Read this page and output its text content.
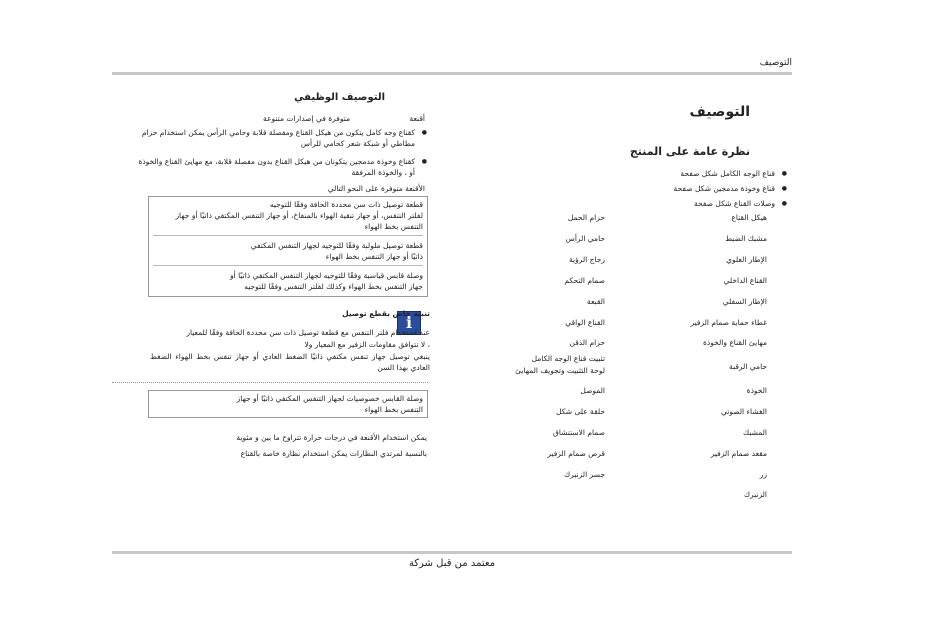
التوصيف
التوصيف
نظرة عامة على المنتج
● قناع الوجه الكامل شكل صفحة
● قناع وخوذة مدمجين شكل صفحة
● وصلات القناع شكل صفحة
هيكل القناع
مشبك الضبط
الإطار العلوي
القناع الداخلي
الإطار السفلي
غطاء حماية صمام الزفير
مهايئ القناع والخوذة
حامي الرقبة
الخوذة
الغشاء الصوتي
المشبك
مقعد صمام الزفير
زر
الزنبرك
حزام الحمل
حامي الرأس
زجاج الرؤية
صمام التحكم
القبعة
القناع الواقي
حزام الذقن
تثبيت قناع الوجه الكامل
لوحة التثبيت وتجويف المهايئ
الموصل
حلقة على شكل
صمام الاستنشاق
قرص صمام الزفير
جسر الزنبرك
التوصيف الوظيفي
أقنعة
متوفرة في إصدارات متنوعة
● كقناع وجه كامل يتكون من هيكل القناع ومفصلة قلابة وحامي الرأس يمكن استخدام حزام مطاطي أو شبكة شعر كحامي للرأس
● كقناع وخوذة مدمجين يتكونان من هيكل القناع بدون مفصلة قلابة، مع مهايئ القناع والخوذة أو ، والخوذة المرفقة
الأقنعة متوفرة على النحو التالي
قطعة توصيل ذات سن محددة الحافة وفقًا للتوجيه
لفلتر التنفس، أو جهاز تنقية الهواء بالمنفاخ، أو جهاز التنفس المكتفي ذاتيًا أو جهاز التنفس بخط الهواء
قطعة توصيل ملولبة وفقًا للتوجيه لجهاز التنفس المكتفي
ذاتيًا أو جهاز التنفس بخط الهواء
وصلة قابس قياسية وفقًا للتوجيه لجهاز التنفس المكتفي ذاتيًا أو
جهاز التنفس بخط الهواء وكذلك لفلتر التنفس وفقًا للتوجيه
i
تنبيه خاص بقطع توصيل
عند استخدام فلتر التنفس مع قطعة توصيل ذات سن محددة الحافة وفقًا للمعيار
، لا تتوافق مقاومات الزفير مع المعيار ولا
ينبغي توصيل جهاز تنفس مكتفي ذاتيًا الضغط العادي أو جهاز تنفس بخط الهواء الضغط العادي بهذا السن
وصلة القابس خصوصيات لجهاز التنفس المكتفي ذاتيًا أو جهاز
التنفس بخط الهواء
يمكن استخدام الأقنعة في درجات حرارة تتراوح ما بين و مئوية
بالنسبة لمرتدي النظارات يمكن استخدام نظارة خاصة بالقناع
معتمد من قبل شركة
